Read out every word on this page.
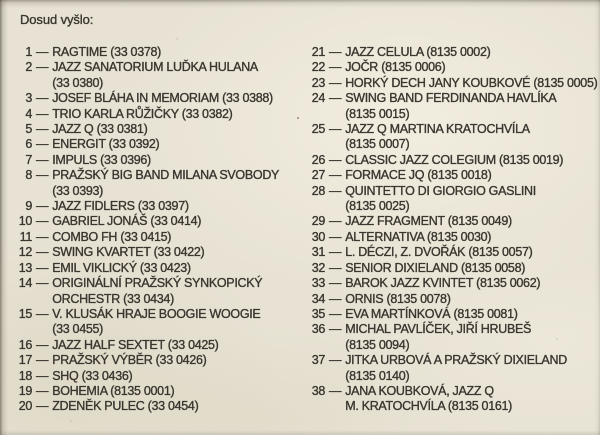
Dosud vyšlo:
1 — RAGTIME (33 0378)
2 — JAZZ SANATORIUM LUĎKA HULANA
(33 0380)
3 — JOSEF BLÁHA IN MEMORIAM (33 0388)
4 — TRIO KARLA RŮŽIČKY (33 0382)
5 — JAZZ Q (33 0381)
6 — ENERGIT (33 0392)
7 — IMPULS (33 0396)
8 — PRAŽSKÝ BIG BAND MILANA SVOBODY
(33 0393)
9 — JAZZ FIDLERS (33 0397)
10 — GABRIEL JONÁŠ (33 0414)
11 — COMBO FH (33 0415)
12 — SWING KVARTET (33 0422)
13 — EMIL VIKLICKÝ (33 0423)
14 — ORIGINÁLNÍ PRAŽSKÝ SYNKOPICKÝ
ORCHESTR (33 0434)
15 — V. KLUSÁK HRAJE BOOGIE WOOGIE
(33 0455)
16 — JAZZ HALF SEXTET (33 0425)
17 — PRAŽSKÝ VÝBĚR (33 0426)
18 — SHQ (33 0436)
19 — BOHEMIA (8135 0001)
20 — ZDENĚK PULEC (33 0454)
21 — JAZZ CELULA (8135 0002)
22 — JOČR (8135 0006)
23 — HORKÝ DECH JANY KOUBKOVÉ (8135 0005)
24 — SWING BAND FERDINANDA HAVLÍKA
(8135 0015)
25 — JAZZ Q MARTINA KRATOCHVÍLA
(8135 0007)
26 — CLASSIC JAZZ COLEGIUM (8135 0019)
27 — FORMACE JQ (8135 0018)
28 — QUINTETTO DI GIORGIO GASLINI
(8135 0025)
29 — JAZZ FRAGMENT (8135 0049)
30 — ALTERNATIVA (8135 0030)
31 — L. DÉCZI, Z. DVOŘÁK (8135 0057)
32 — SENIOR DIXIELAND (8135 0058)
33 — BAROK JAZZ KVINTET (8135 0062)
34 — ORNIS (8135 0078)
35 — EVA MARTÍNKOVÁ (8135 0081)
36 — MICHAL PAVLÍČEK, JIŘÍ HRUBEŠ
(8135 0094)
37 — JITKA URBOVÁ A PRAŽSKÝ DIXIELAND
(8135 0140)
38 — JANA KOUBKOVÁ, JAZZ Q
M. KRATOCHVÍLA (8135 0161)
